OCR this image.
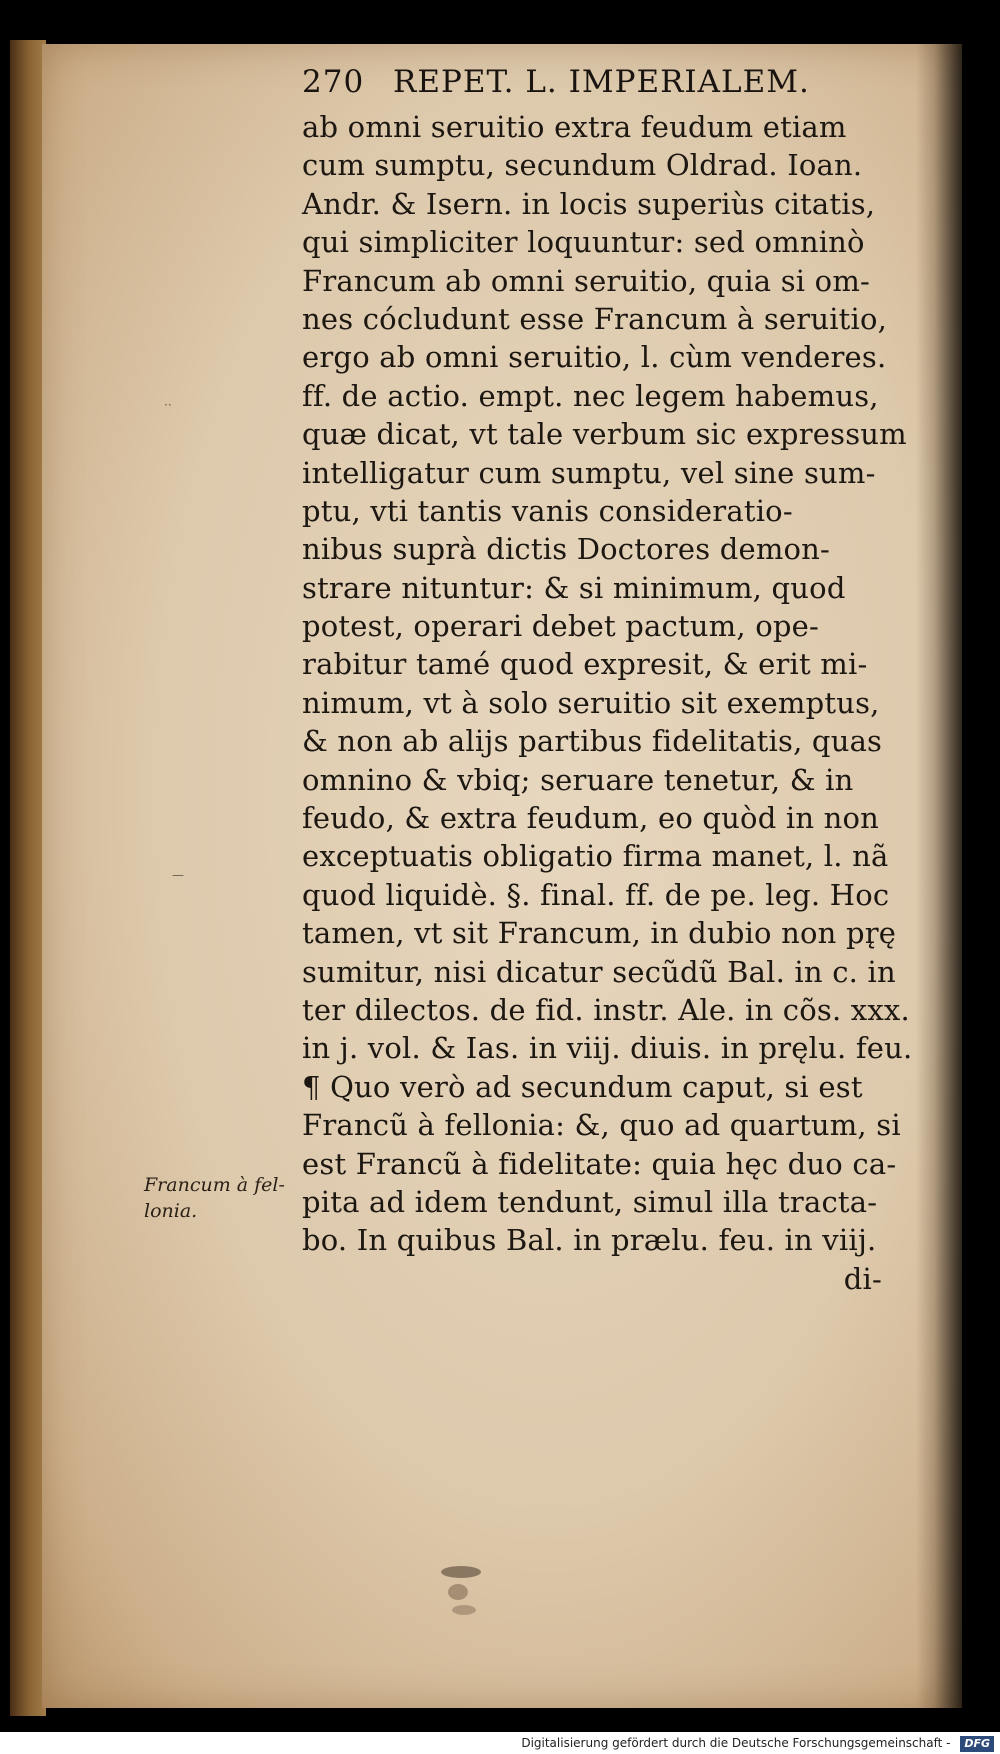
270 REPET. L. IMPERIALEM.
ab omni seruitio extra feudum etiam
cum sumptu, secundum Oldrad. Ioan.
Andr. & Isern. in locis superiùs citatis,
qui simpliciter loquuntur: sed omninò
Francum ab omni seruitio, quia si om-
nes cócludunt esse Francum à seruitio,
ergo ab omni seruitio, l. cùm venderes.
ff. de actio. empt. nec legem habemus,
quæ dicat, vt tale verbum sic expressum
intelligatur cum sumptu, vel sine sum-
ptu, vti tantis vanis consideratio-
nibus suprà dictis Doctores demon-
strare nituntur: & si minimum, quod
potest, operari debet pactum, ope-
rabitur tamé quod expresit, & erit mi-
nimum, vt à solo seruitio sit exemptus,
& non ab alijs partibus fidelitatis, quas
omnino & vbiq; seruare tenetur, & in
feudo, & extra feudum, eo quòd in non
exceptuatis obligatio firma manet, l. nã
quod liquidè. §. final. ff. de pe. leg. Hoc
tamen, vt sit Francum, in dubio non pr̨ę
sumitur, nisi dicatur secũdũ Bal. in c. in
ter dilectos. de fid. instr. Ale. in cõs. xxx.
in j. vol. & Ias. in viij. diuis. in pręlu. feu.
¶ Quo verò ad secundum caput, si est
Francũ à fellonia: &, quo ad quartum, si
est Francũ à fidelitate: quia hęc duo ca-
pita ad idem tendunt, simul illa tracta-
bo. In quibus Bal. in prælu. feu. in viij.
di-
Francum à fel-
lonia.
··
—
Digitalisierung gefördert durch die Deutsche Forschungsgemeinschaft - DFG
